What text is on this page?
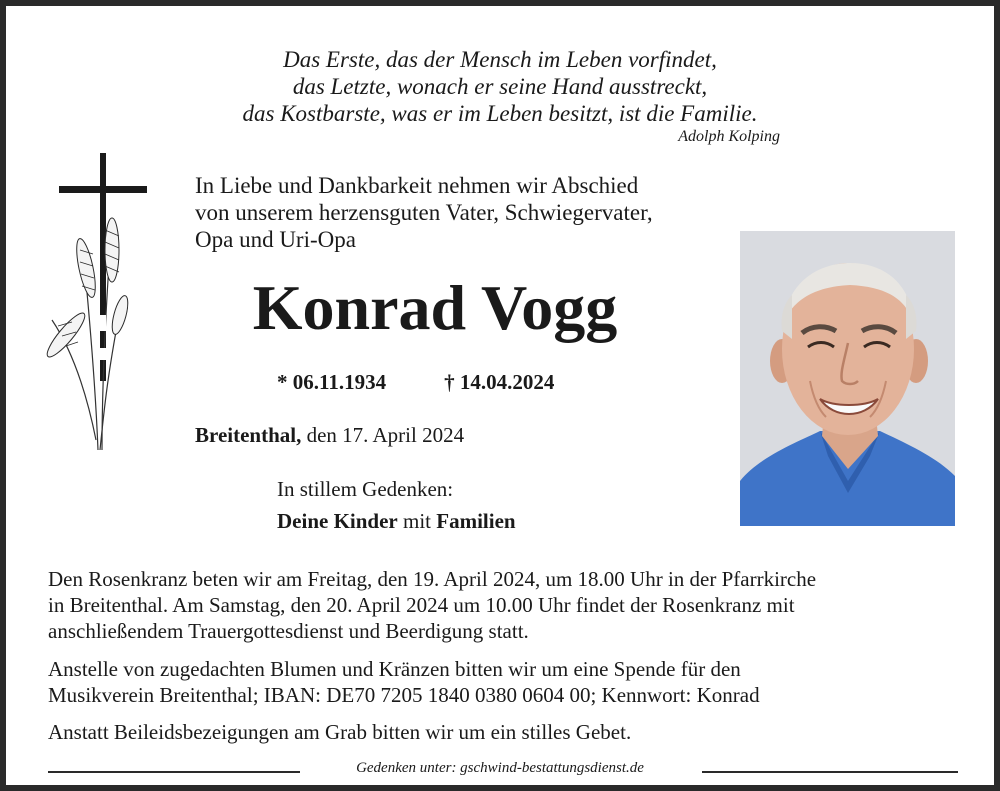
Das Erste, das der Mensch im Leben vorfindet,
das Letzte, wonach er seine Hand ausstreckt,
das Kostbarste, was er im Leben besitzt, ist die Familie.
Adolph Kolping
In Liebe und Dankbarkeit nehmen wir Abschied
von unserem herzensguten Vater, Schwiegervater,
Opa und Uri-Opa
Konrad Vogg
* 06.11.1934	† 14.04.2024
Breitenthal, den 17. April 2024
In stillem Gedenken:
Deine Kinder mit Familien
Den Rosenkranz beten wir am Freitag, den 19. April 2024, um 18.00 Uhr in der Pfarrkirche
in Breitenthal. Am Samstag, den 20. April 2024 um 10.00 Uhr findet der Rosenkranz mit
anschließendem Trauergottesdienst und Beerdigung statt.
Anstelle von zugedachten Blumen und Kränzen bitten wir um eine Spende für den
Musikverein Breitenthal; IBAN: DE70 7205 1840 0380 0604 00; Kennwort: Konrad
Anstatt Beileidsbezeigungen am Grab bitten wir um ein stilles Gebet.
Gedenken unter: gschwind-bestattungsdienst.de
